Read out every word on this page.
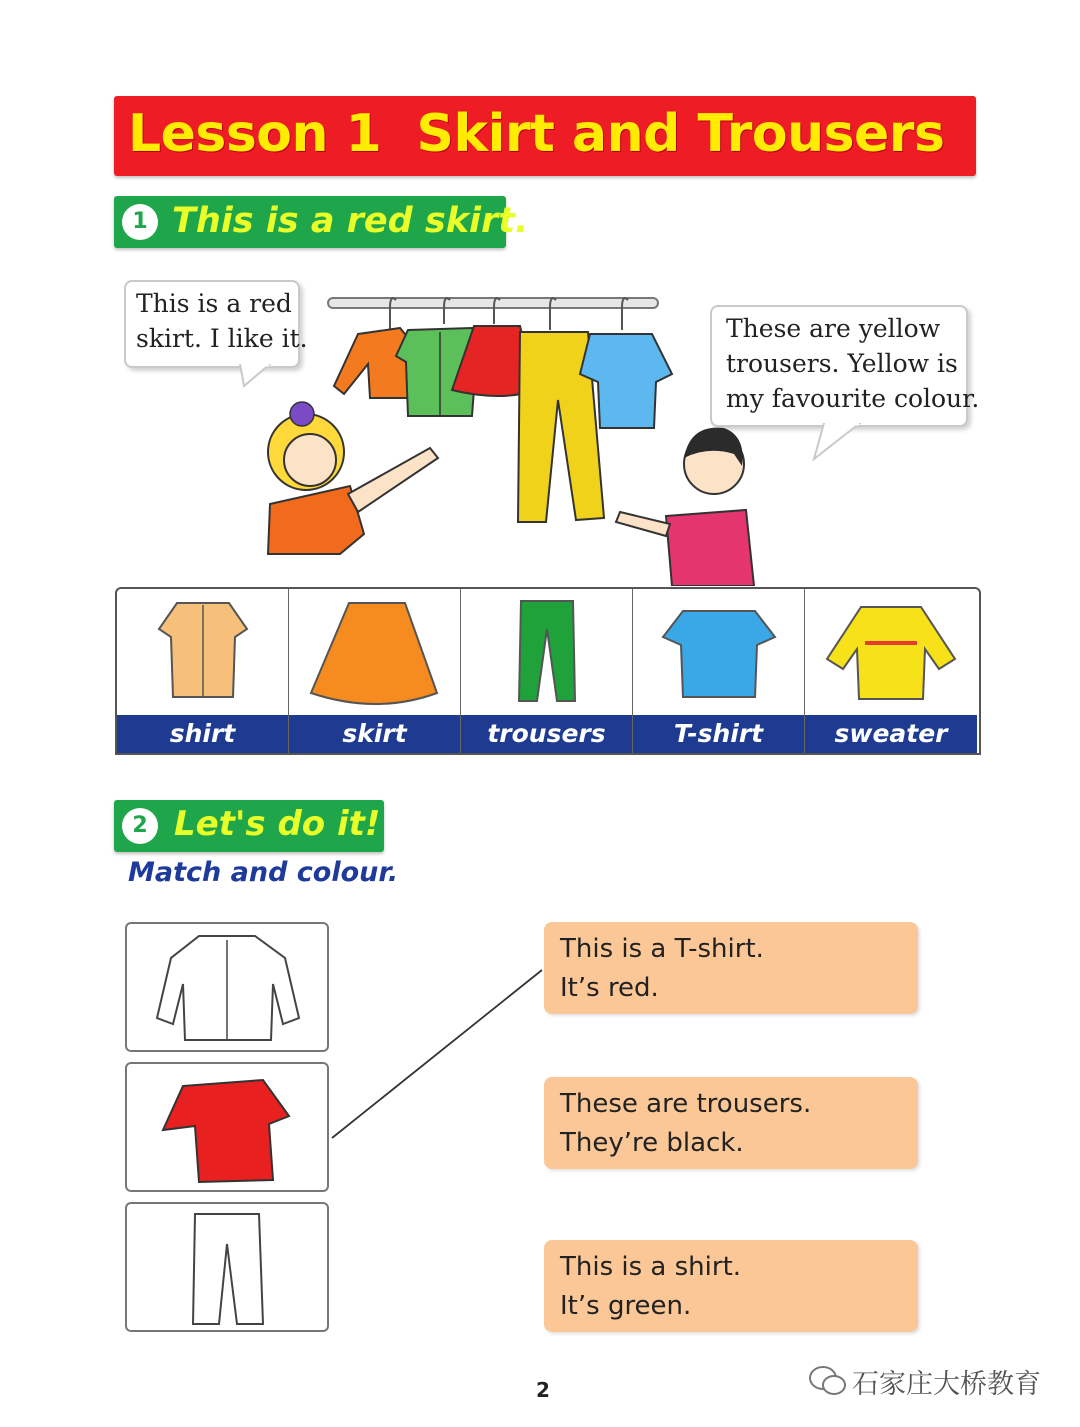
Lesson 1  Skirt and Trousers
1 This is a red skirt.
This is a red
skirt. I like it.	These are yellow
trousers. Yellow is
my favourite colour.
shirt	skirt	trousers	T-shirt	sweater
2 Let's do it!
Match and colour.
This is a T-shirt.
It’s red.
These are trousers.
They’re black.
This is a shirt.
It’s green.
2	石家庄大桥教育
